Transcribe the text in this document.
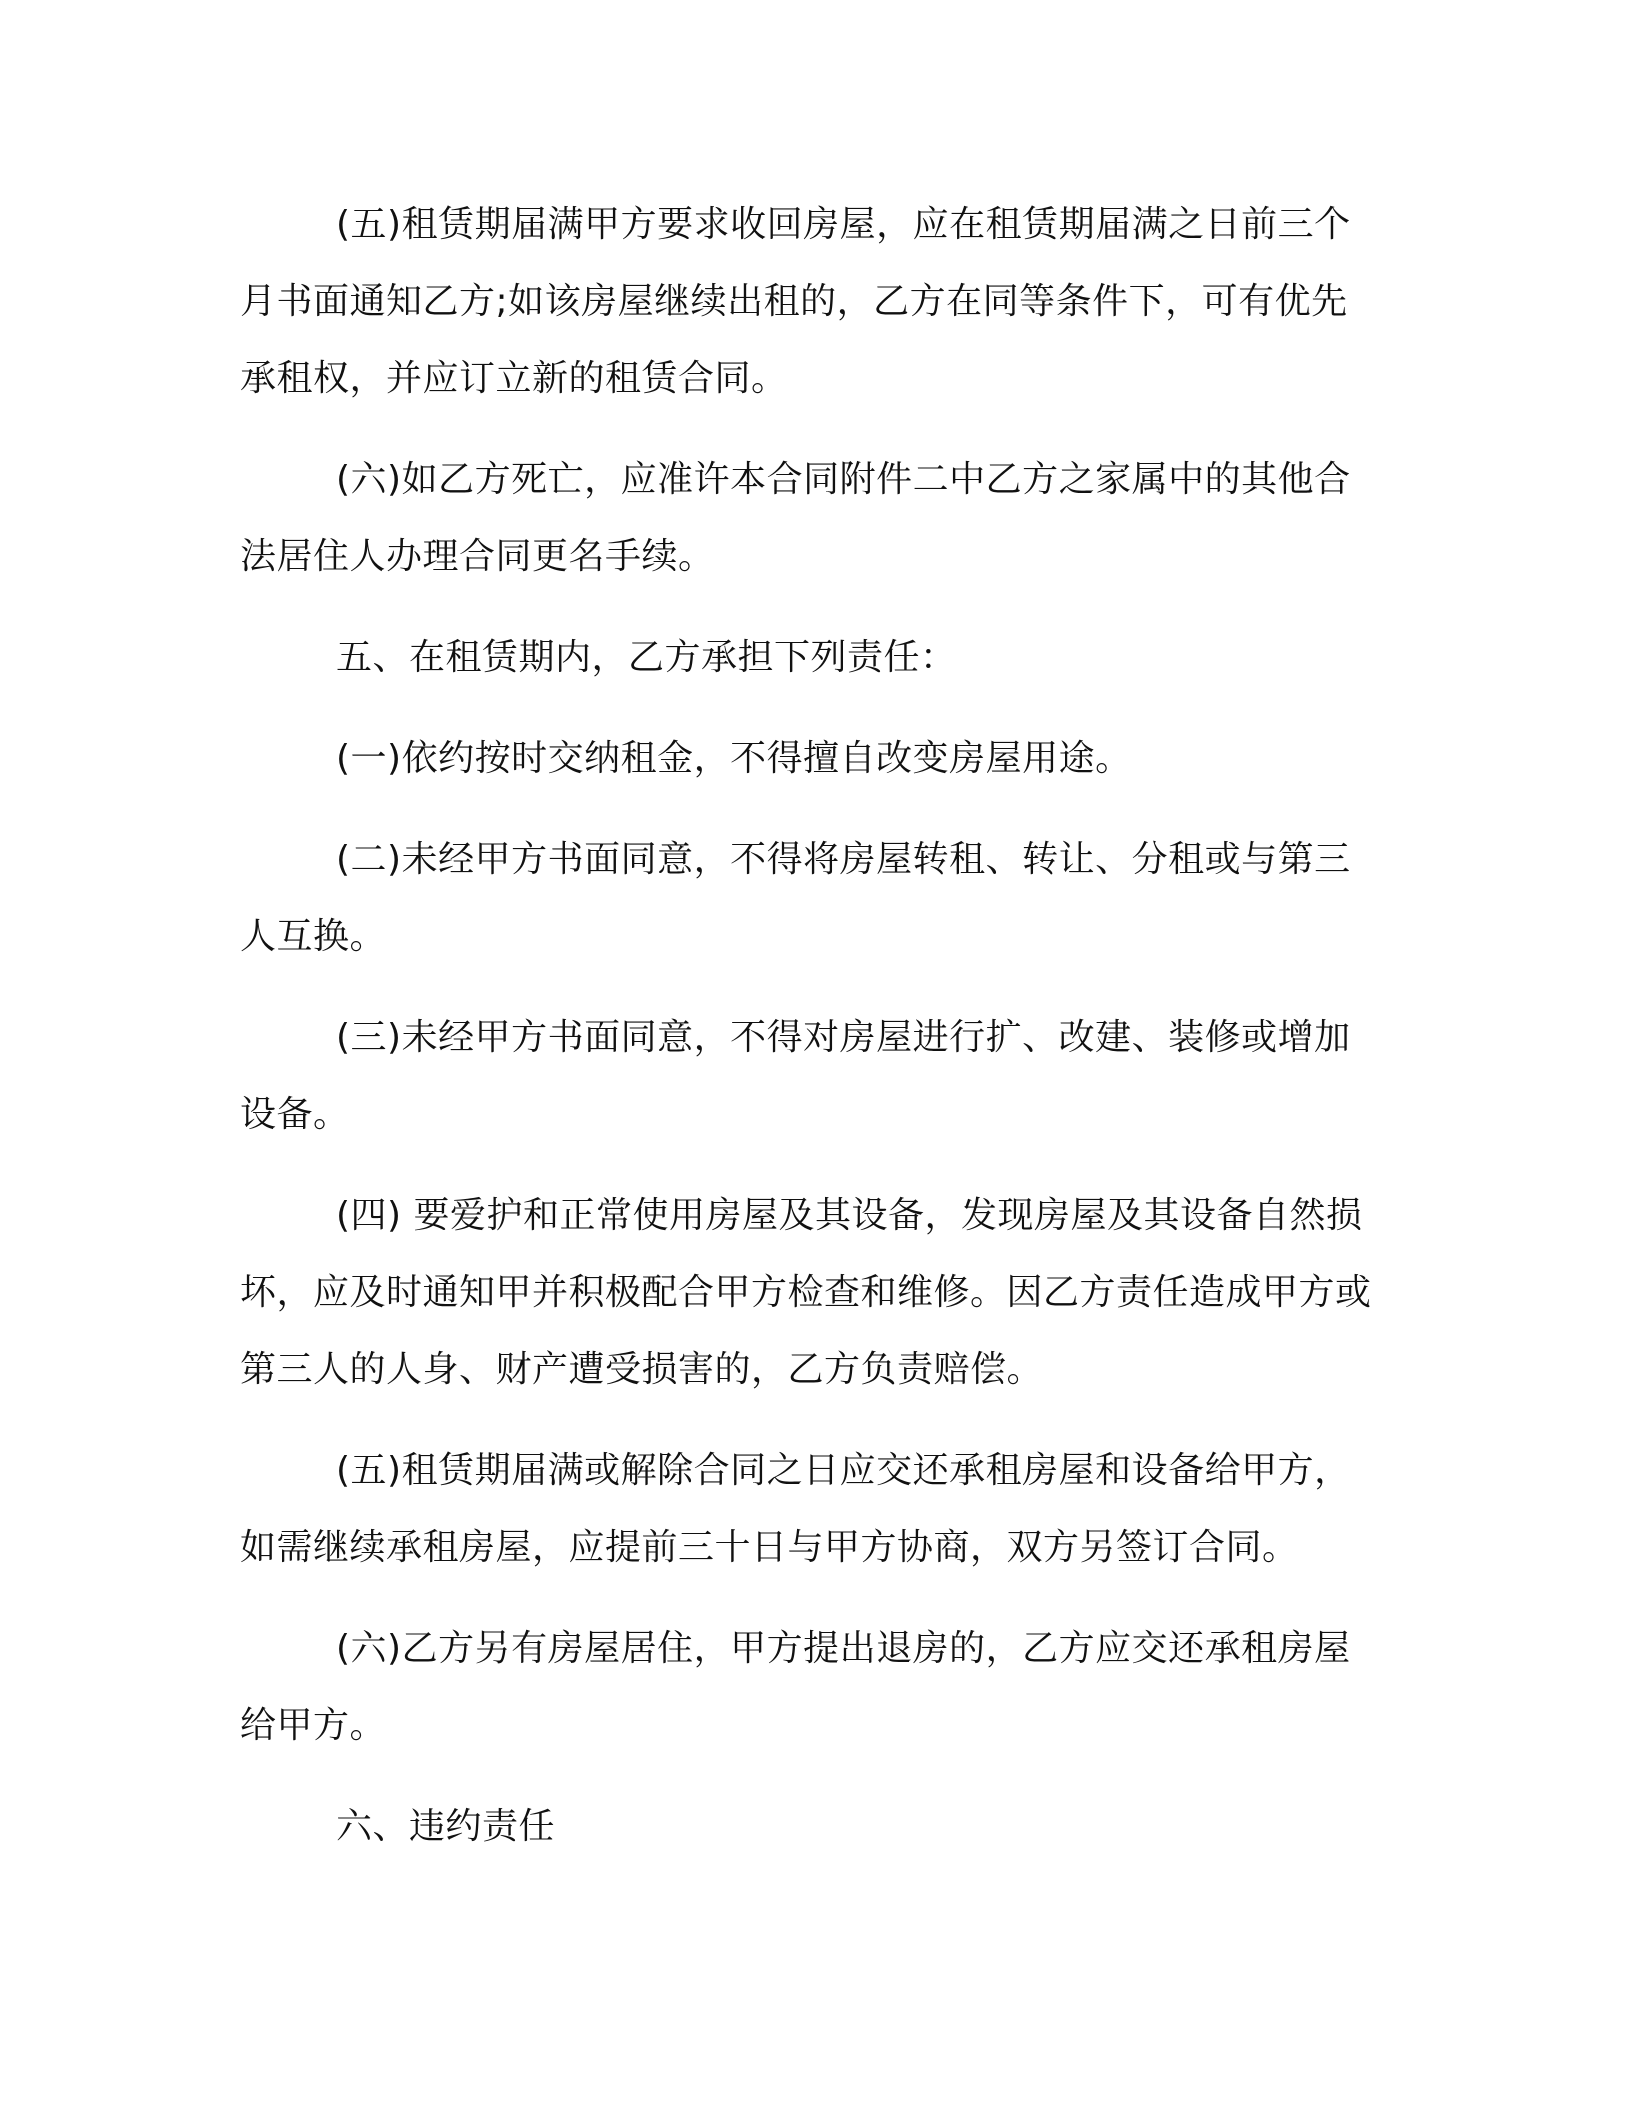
(五)租赁期届满甲方要求收回房屋，应在租赁期届满之日前三个月书面通知乙方;如该房屋继续出租的，乙方在同等条件下，可有优先承租权，并应订立新的租赁合同。

(六)如乙方死亡，应准许本合同附件二中乙方之家属中的其他合法居住人办理合同更名手续。

五、在租赁期内，乙方承担下列责任：

(一)依约按时交纳租金，不得擅自改变房屋用途。

(二)未经甲方书面同意，不得将房屋转租、转让、分租或与第三人互换。

(三)未经甲方书面同意，不得对房屋进行扩、改建、装修或增加设备。

(四) 要爱护和正常使用房屋及其设备，发现房屋及其设备自然损坏，应及时通知甲并积极配合甲方检查和维修。因乙方责任造成甲方或第三人的人身、财产遭受损害的，乙方负责赔偿。

(五)租赁期届满或解除合同之日应交还承租房屋和设备给甲方，如需继续承租房屋，应提前三十日与甲方协商，双方另签订合同。

(六)乙方另有房屋居住，甲方提出退房的，乙方应交还承租房屋给甲方。

六、违约责任
